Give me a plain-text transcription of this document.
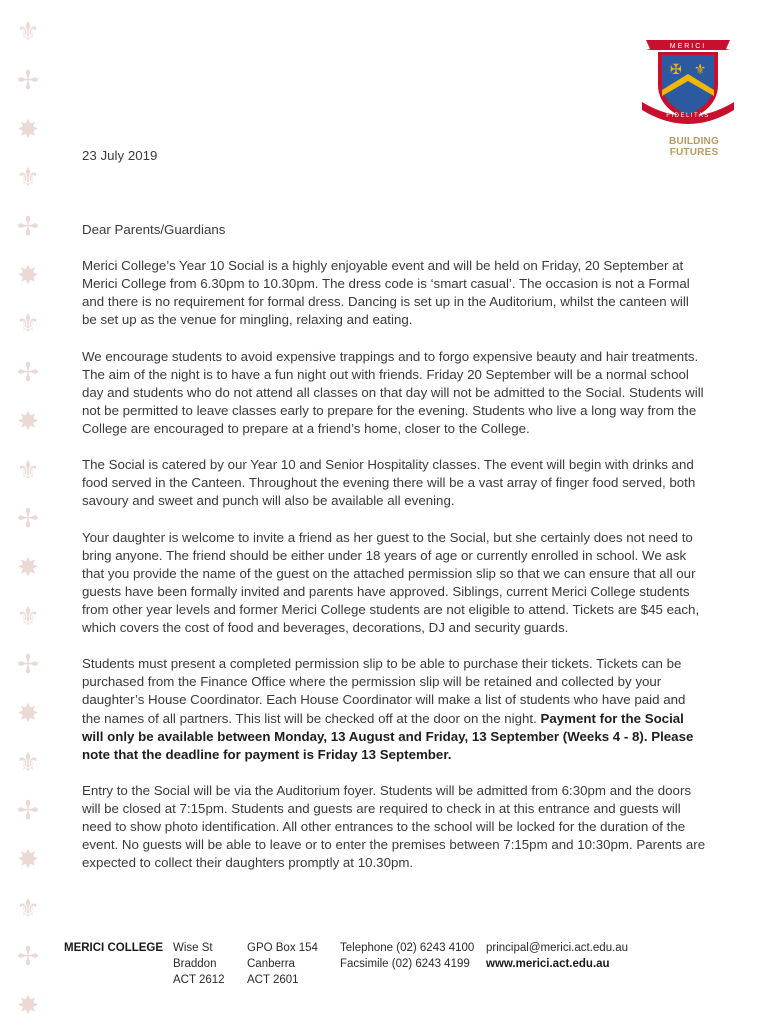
⚜
✢
✸
⚜
✢
✸
⚜
✢
✸
⚜
✢
✸
⚜
✢
✸
⚜
✢
✸
⚜
✢
✸
MERICI
✠ ⚜
FIDELITAS
BUILDING
FUTURES
23 July 2019

Dear Parents/Guardians

Merici College’s Year 10 Social is a highly enjoyable event and will be held on Friday, 20 September at Merici College from 6.30pm to 10.30pm. The dress code is ‘smart casual’. The occasion is not a Formal and there is no requirement for formal dress. Dancing is set up in the Auditorium, whilst the canteen will be set up as the venue for mingling, relaxing and eating.

We encourage students to avoid expensive trappings and to forgo expensive beauty and hair treatments. The aim of the night is to have a fun night out with friends. Friday 20 September will be a normal school day and students who do not attend all classes on that day will not be admitted to the Social. Students will not be permitted to leave classes early to prepare for the evening. Students who live a long way from the College are encouraged to prepare at a friend’s home, closer to the College.

The Social is catered by our Year 10 and Senior Hospitality classes. The event will begin with drinks and food served in the Canteen. Throughout the evening there will be a vast array of finger food served, both savoury and sweet and punch will also be available all evening.

Your daughter is welcome to invite a friend as her guest to the Social, but she certainly does not need to bring anyone. The friend should be either under 18 years of age or currently enrolled in school. We ask that you provide the name of the guest on the attached permission slip so that we can ensure that all our guests have been formally invited and parents have approved. Siblings, current Merici College students from other year levels and former Merici College students are not eligible to attend. Tickets are $45 each, which covers the cost of food and beverages, decorations, DJ and security guards.

Students must present a completed permission slip to be able to purchase their tickets. Tickets can be purchased from the Finance Office where the permission slip will be retained and collected by your daughter’s House Coordinator. Each House Coordinator will make a list of students who have paid and the names of all partners. This list will be checked off at the door on the night. Payment for the Social will only be available between Monday, 13 August and Friday, 13 September (Weeks 4 - 8). Please note that the deadline for payment is Friday 13 September.

Entry to the Social will be via the Auditorium foyer. Students will be admitted from 6:30pm and the doors will be closed at 7:15pm. Students and guests are required to check in at this entrance and guests will need to show photo identification. All other entrances to the school will be locked for the duration of the event. No guests will be able to leave or to enter the premises between 7:15pm and 10:30pm. Parents are expected to collect their daughters promptly at 10.30pm.

MERICI COLLEGE Wise St
Braddon
ACT 2612
GPO Box 154
Canberra
ACT 2601
Telephone (02) 6243 4100
Facsimile (02) 6243 4199
principal@merici.act.edu.au
www.merici.act.edu.au
